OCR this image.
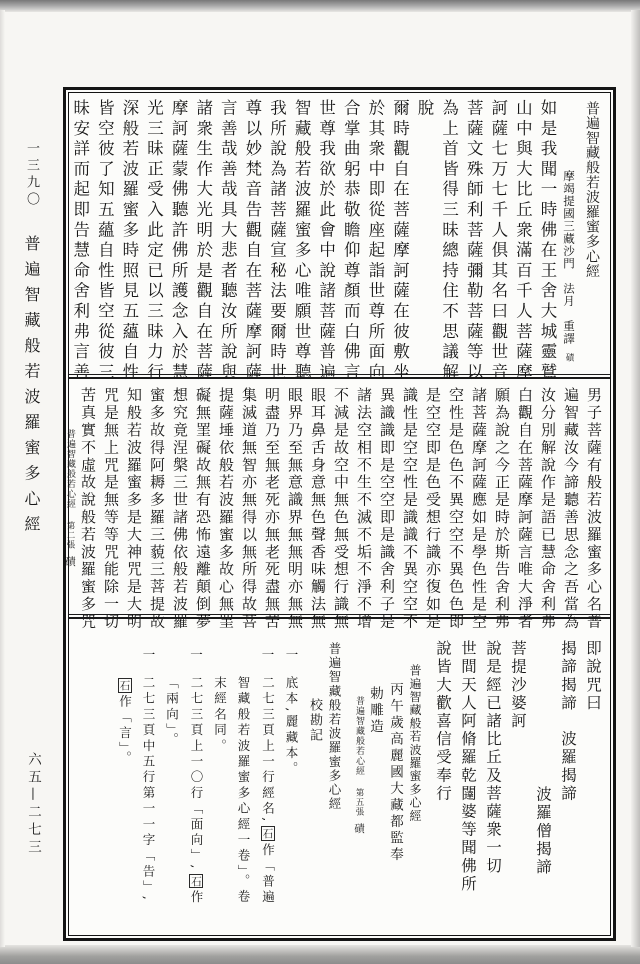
一三九〇普遍智藏般若波羅蜜多心經
六五—二七三
普遍智藏般若波羅蜜多心經
摩竭提國三藏沙門　法月　重譯磧
如是我聞一時佛在王舍大城靈鷲
山中與大比丘衆滿百千人菩薩摩
訶薩七万七千人俱其名曰觀世音
菩薩文殊師利菩薩彌勒菩薩等以
為上首皆得三昧總持住不思議解
脫
爾時觀自在菩薩摩訶薩在彼敷坐
於其衆中即從座起詣世尊所面向
合掌曲躬恭敬瞻仰尊顏而白佛言
世尊我欲於此會中說諸菩薩普遍
智藏般若波羅蜜多心唯願世尊聽
我所說為諸菩薩宣秘法要爾時世
尊以妙梵音告觀自在菩薩摩訶薩
言善哉善哉具大悲者聽汝所說與
諸衆生作大光明於是觀自在菩薩
摩訶薩蒙佛聽許佛所護念入於慧
光三昧正受入此定已以三昧力行
深般若波羅蜜多時照見五蘊自性
皆空彼了知五蘊自性皆空從彼三
昧安詳而起即告慧命舍利弗言善
男子菩薩有般若波羅蜜多心名普
遍智藏汝今諦聽善思念之吾當為
汝分別解說作是語已慧命舍利弗
白觀自在菩薩摩訶薩言唯大淨者
願為說之今正是時於斯告舍利弗
諸菩薩摩訶薩應如是學色性是空
空性是色色不異空空不異色色即
是空空即是色受想行識亦復如是
識性是空空性是識識不異空空不
異識識即是空空即是識舍利子是
諸法空相不生不滅不垢不淨不增
不減是故空中無色無受想行識無
眼耳鼻舌身意無色聲香味觸法無
眼界乃至無意識界無無明亦無無
明盡乃至無老死亦無老死盡無苦
集滅道無智亦無得以無所得故菩
提薩埵依般若波羅蜜多故心無罣
礙無罣礙故無有恐怖遠離顛倒夢
想究竟涅槃三世諸佛依般若波羅
蜜多故得阿耨多羅三藐三菩提故
知般若波羅蜜多是大神咒是大明
咒是無上咒是無等等咒能除一切
苦真實不虛故說般若波羅蜜多咒
普遍智藏般若心經第二張磧
即說咒曰
揭諦揭諦　波羅揭諦
波羅僧揭諦
菩提沙婆訶
說是經已諸比丘及菩薩衆一切
世間天人阿脩羅乾闥婆等聞佛所
說皆大歡喜信受奉行
普遍智藏般若波羅蜜多心經
丙午歲高麗國大藏都監奉
勅雕造
普遍智藏般若心經第五張磧
普遍智藏般若波羅蜜多心經
校勘記
一
底本,麗藏本。
一
二七三頁上一行經名,石作「普遍
智藏般若波羅蜜多心經一卷」。卷
末經名同。
一
二七三頁上一〇行「面向」,石作
「兩向」。
一
二七三頁中五行第一一字「告」,
石作「言」。
